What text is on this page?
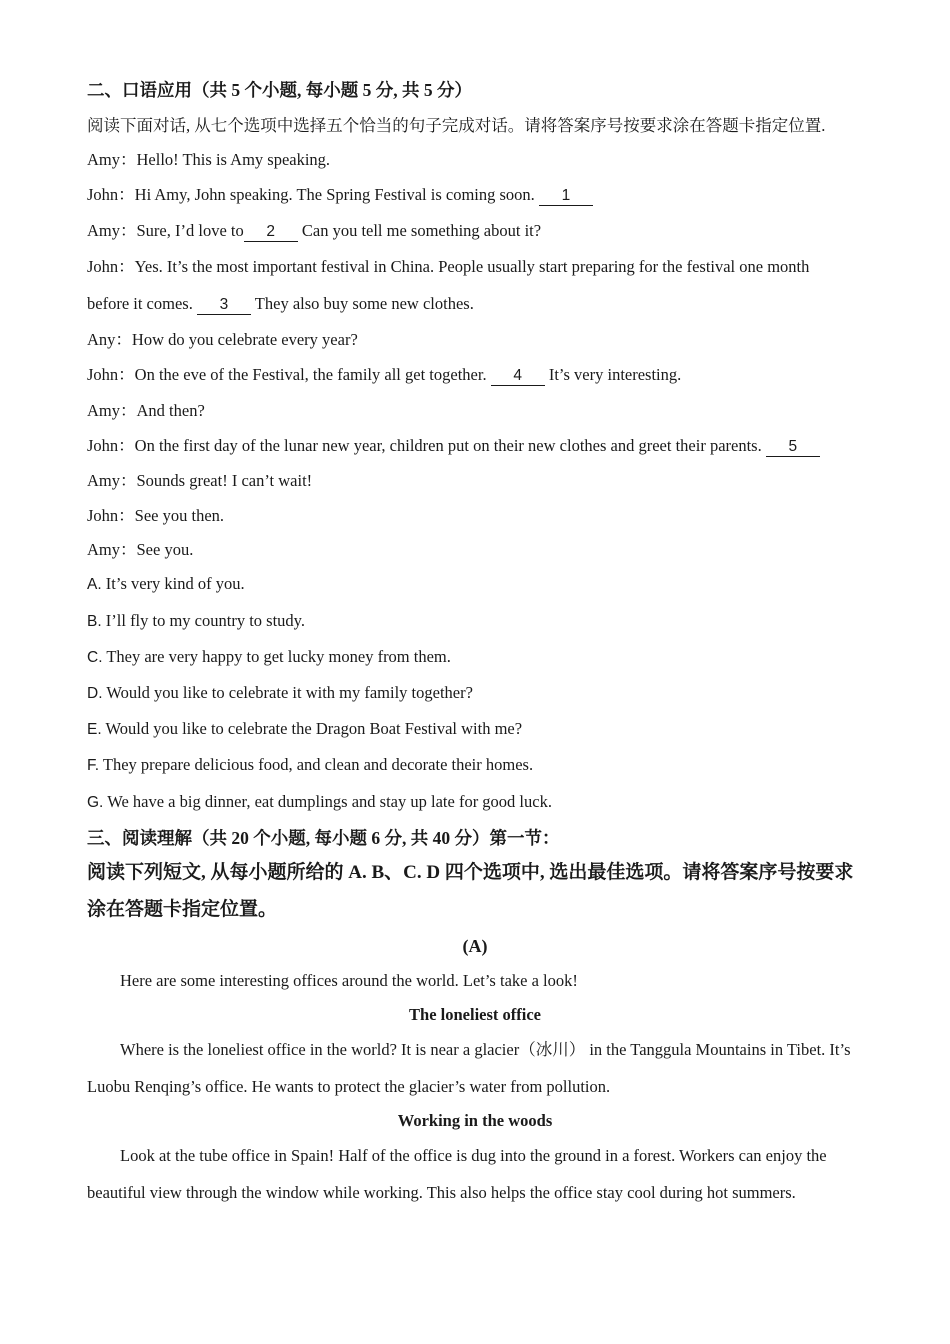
二、口语应用（共 5 个小题, 每小题 5 分, 共 5 分）
阅读下面对话, 从七个选项中选择五个恰当的句子完成对话。请将答案序号按要求涂在答题卡指定位置.
Amy：Hello! This is Amy speaking.
John：Hi Amy, John speaking. The Spring Festival is coming soon. 1
Amy：Sure, I’d love to 2 Can you tell me something about it?
John：Yes. It’s the most important festival in China. People usually start preparing for the festival one month
before it comes. 3 They also buy some new clothes.
Any：How do you celebrate every year?
John：On the eve of the Festival, the family all get together. 4 It’s very interesting.
Amy：And then?
John：On the first day of the lunar new year, children put on their new clothes and greet their parents. 5
Amy：Sounds great! I can’t wait!
John：See you then.
Amy：See you.
A. It’s very kind of you.
B. I’ll fly to my country to study.
C. They are very happy to get lucky money from them.
D. Would you like to celebrate it with my family together?
E. Would you like to celebrate the Dragon Boat Festival with me?
F. They prepare delicious food, and clean and decorate their homes.
G. We have a big dinner, eat dumplings and stay up late for good luck.
三、阅读理解（共 20 个小题, 每小题 6 分, 共 40 分）第一节：
阅读下列短文, 从每小题所给的 A. B、C. D 四个选项中, 选出最佳选项。请将答案序号按要求
涂在答题卡指定位置。
(A)
Here are some interesting offices around the world. Let’s take a look!
The loneliest office
Where is the loneliest office in the world? It is near a glacier（冰川） in the Tanggula Mountains in Tibet. It’s
Luobu Renqing’s office. He wants to protect the glacier’s water from pollution.
Working in the woods
Look at the tube office in Spain! Half of the office is dug into the ground in a forest. Workers can enjoy the
beautiful view through the window while working. This also helps the office stay cool during hot summers.
